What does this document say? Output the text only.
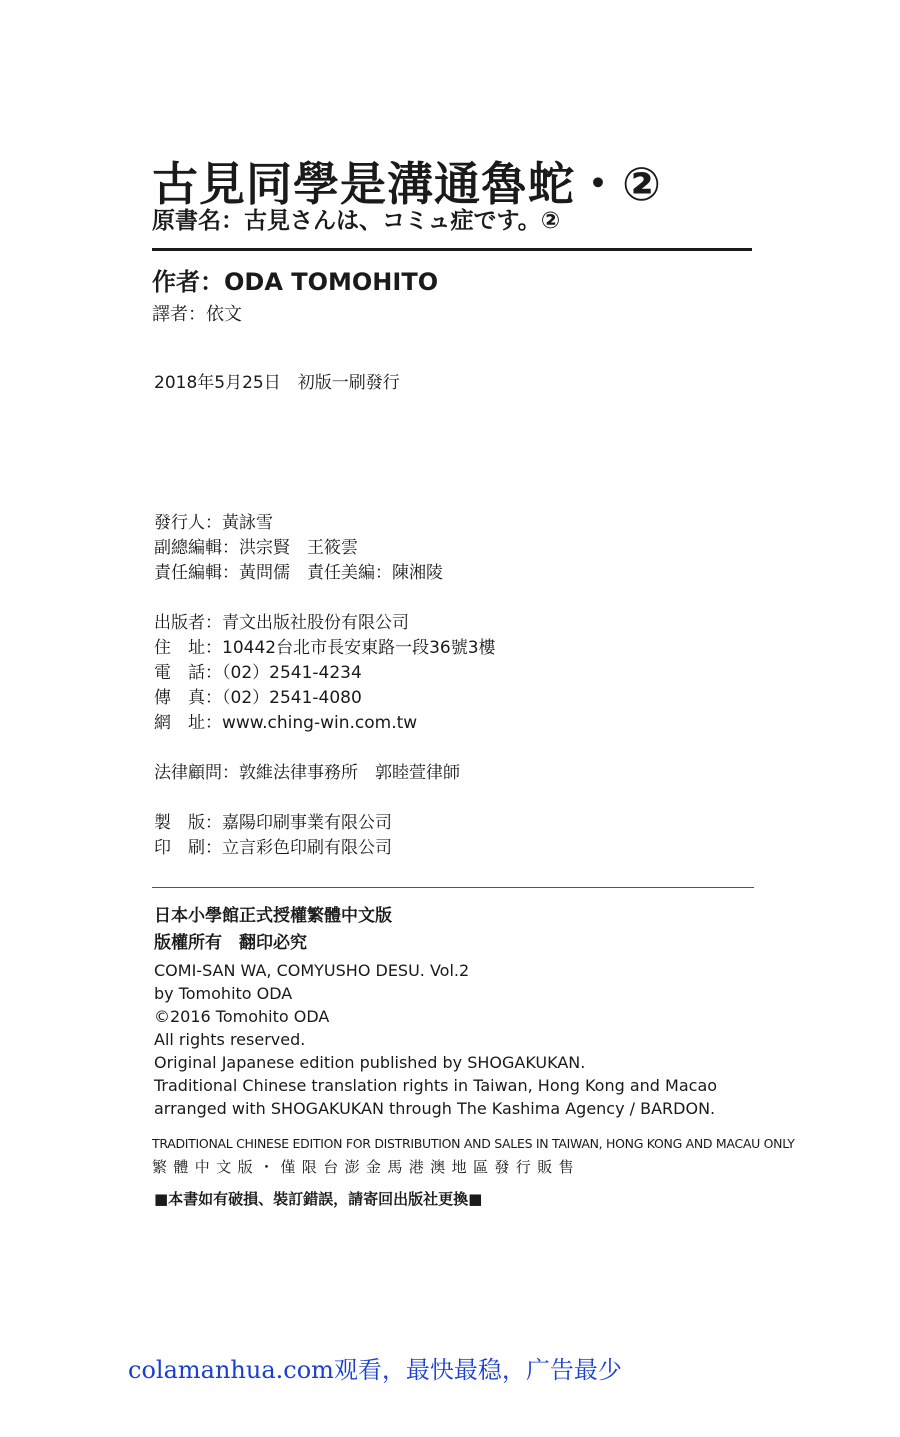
古見同學是溝通魯蛇・②
原書名：古見さんは、コミュ症です。②
作者：ODA TOMOHITO
譯者：依文
2018年5月25日　初版一刷發行
發行人：黃詠雪
副總編輯：洪宗賢　王筱雲
責任編輯：黃問儒　責任美編：陳湘陵
出版者：青文出版社股份有限公司
住　址：10442台北市長安東路一段36號3樓
電　話：（02）2541-4234
傳　真：（02）2541-4080
網　址：www.ching-win.com.tw
法律顧問：敦維法律事務所　郭睦萱律師
製　版：嘉陽印刷事業有限公司
印　刷：立言彩色印刷有限公司
日本小學館正式授權繁體中文版
版權所有　翻印必究
COMI-SAN WA, COMYUSHO DESU. Vol.2
by Tomohito ODA
©2016 Tomohito ODA
All rights reserved.
Original Japanese edition published by SHOGAKUKAN.
Traditional Chinese translation rights in Taiwan, Hong Kong and Macao
arranged with SHOGAKUKAN through The Kashima Agency / BARDON.
TRADITIONAL CHINESE EDITION FOR DISTRIBUTION AND SALES IN TAIWAN, HONG KONG AND MACAU ONLY
繁體中文版・僅限台澎金馬港澳地區發行販售
■本書如有破損、裝訂錯誤，請寄回出版社更換■
colamanhua.com观看，最快最稳，广告最少
